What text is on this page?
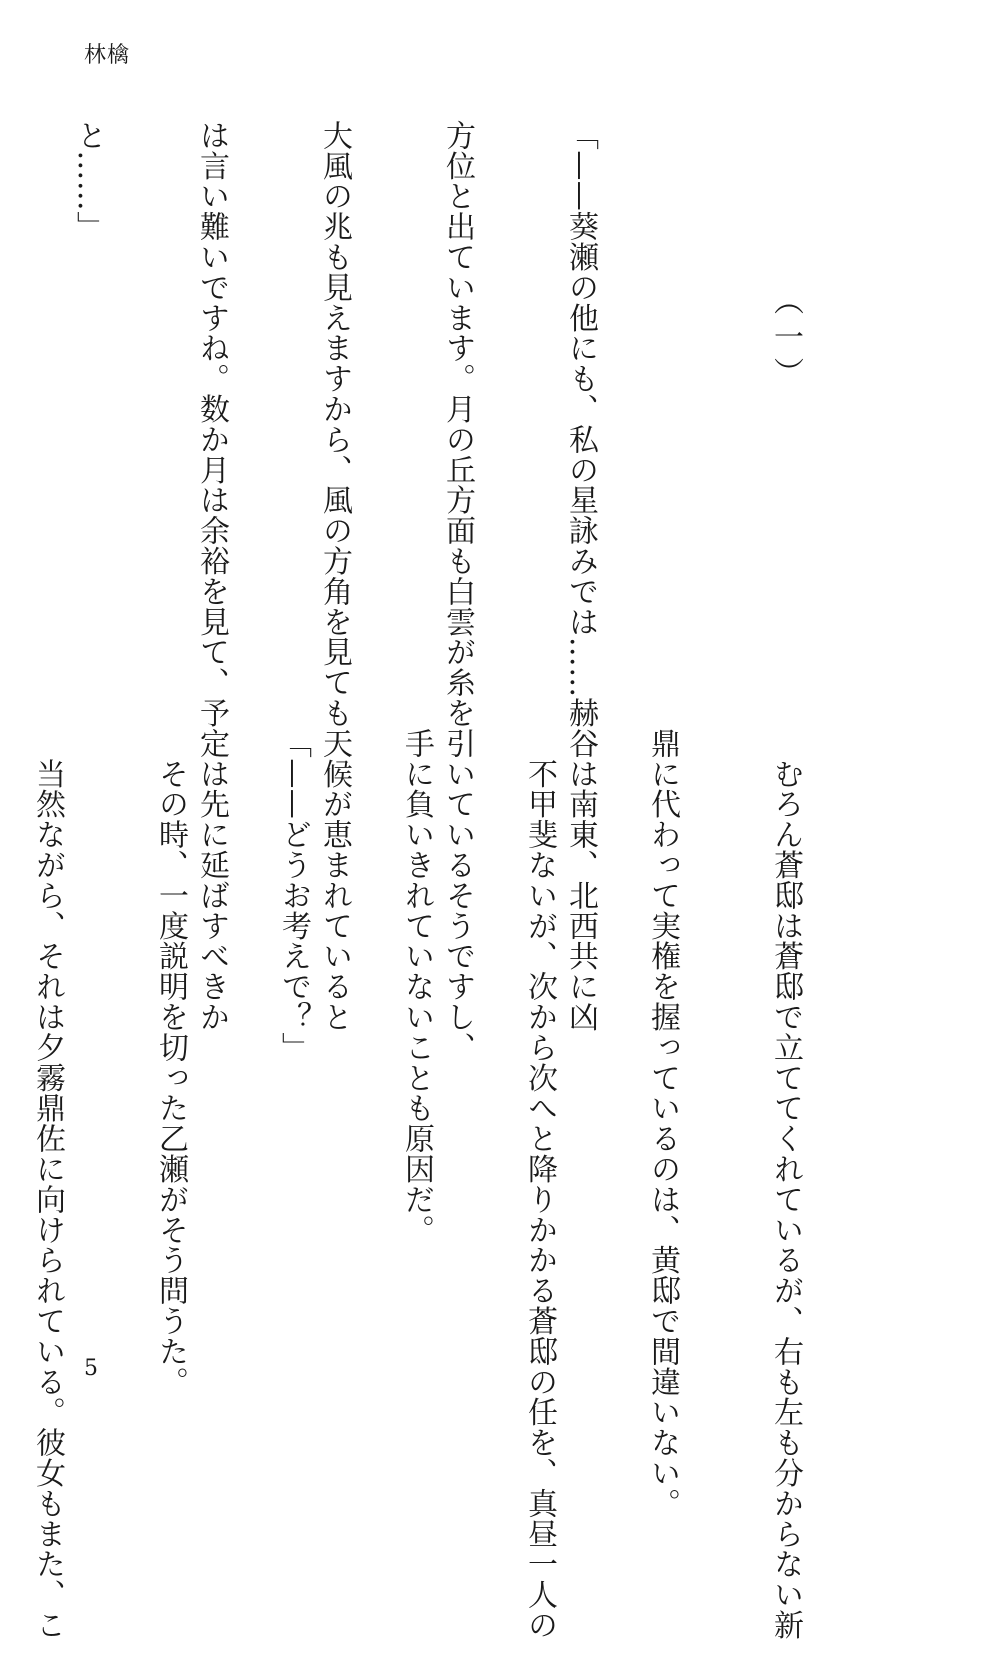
林檎

　　　　　（一）

「——葵瀬の他にも、私の星詠みでは……赫谷は南東、北西共に凶

方位と出ています。月の丘方面も白雲が糸を引いているそうですし、

大風の兆も見えますから、風の方角を見ても天候が恵まれていると

は言い難いですね。数か月は余裕を見て、予定は先に延ばすべきか

と……」

　むろん蒼邸は蒼邸で立ててくれているが、右も左も分からない新

鼎に代わって実権を握っているのは、黄邸で間違いない。

　不甲斐ないが、次から次へと降りかかる蒼邸の任を、真昼一人の

手に負いきれていないことも原因だ。

「——どうお考えで？」

　その時、一度説明を切った乙瀬がそう問うた。

　当然ながら、それは夕霧鼎佐に向けられている。彼女もまた、こ

5
